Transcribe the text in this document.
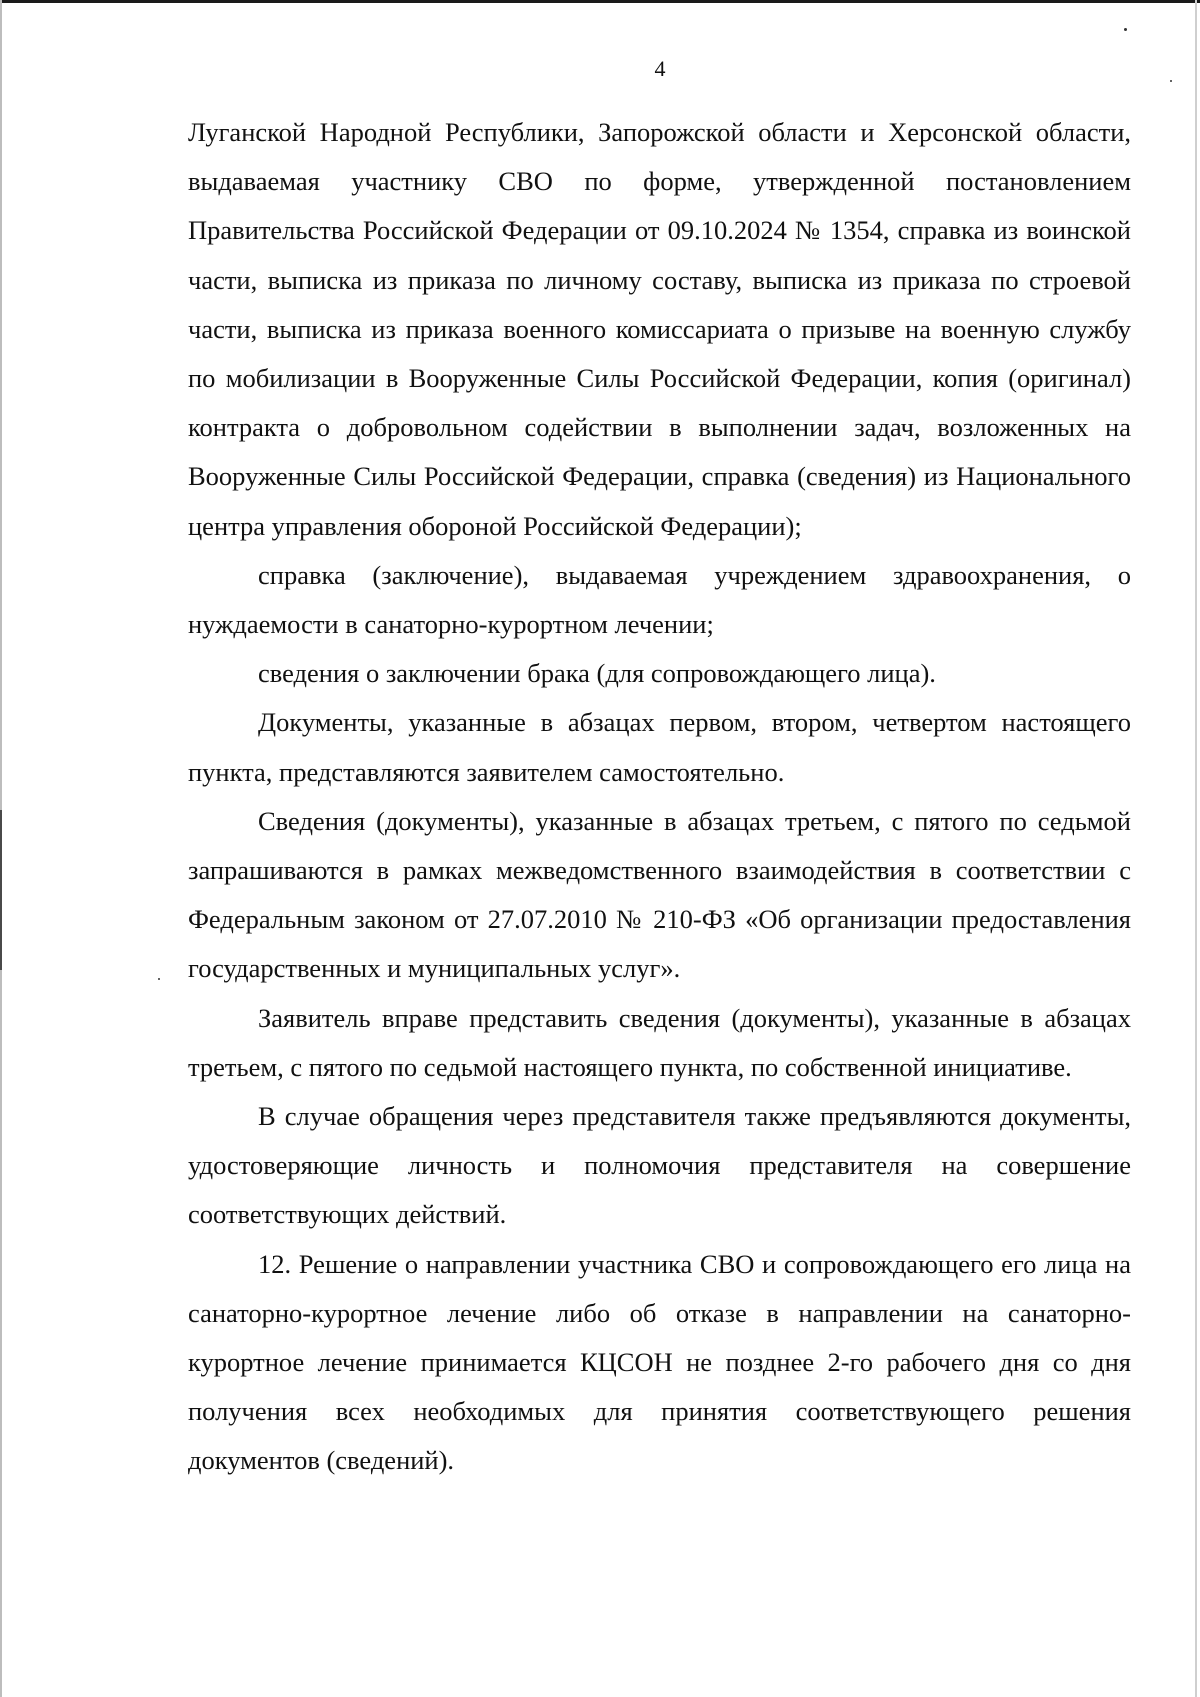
4

Луганской Народной Республики, Запорожской области и Херсонской области, выдаваемая участнику СВО по форме, утвержденной постановлением Правительства Российской Федерации от 09.10.2024 № 1354, справка из воинской части, выписка из приказа по личному составу, выписка из приказа по строевой части, выписка из приказа военного комиссариата о призыве на военную службу по мобилизации в Вооруженные Силы Российской Федерации, копия (оригинал) контракта о добровольном содействии в выполнении задач, возложенных на Вооруженные Силы Российской Федерации, справка (сведения) из Национального центра управления обороной Российской Федерации);

справка (заключение), выдаваемая учреждением здравоохранения, о нуждаемости в санаторно-курортном лечении;

сведения о заключении брака (для сопровождающего лица).

Документы, указанные в абзацах первом, втором, четвертом настоящего пункта, представляются заявителем самостоятельно.

Сведения (документы), указанные в абзацах третьем, с пятого по седьмой запрашиваются в рамках межведомственного взаимодействия в соответствии с Федеральным законом от 27.07.2010 № 210-ФЗ «Об организации предоставления государственных и муниципальных услуг».

Заявитель вправе представить сведения (документы), указанные в абзацах третьем, с пятого по седьмой настоящего пункта, по собственной инициативе.

В случае обращения через представителя также предъявляются документы, удостоверяющие личность и полномочия представителя на совершение соответствующих действий.

12. Решение о направлении участника СВО и сопровождающего его лица на санаторно-курортное лечение либо об отказе в направлении на санаторно-курортное лечение принимается КЦСОН не позднее 2-го рабочего дня со дня получения всех необходимых для принятия соответствующего решения документов (сведений).
